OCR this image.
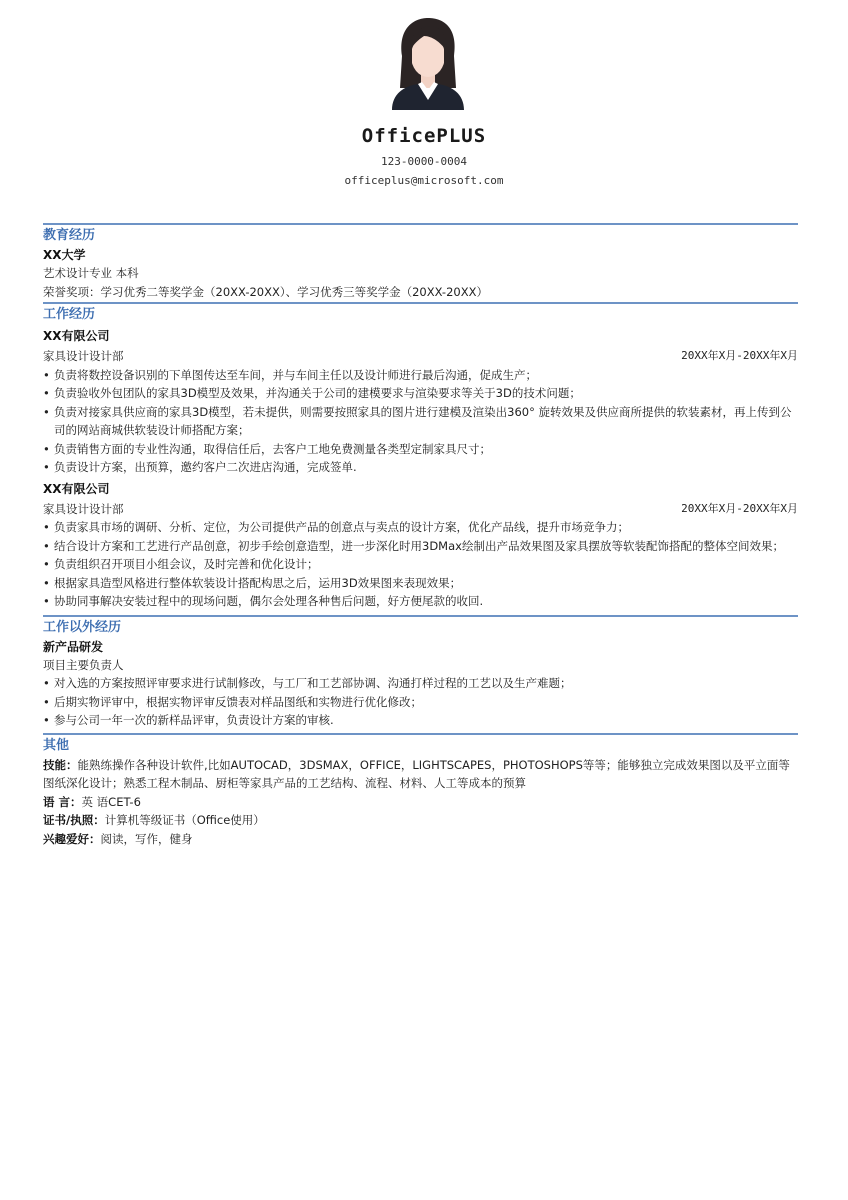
OfficePLUS
123-0000-0004
officeplus@microsoft.com
教育经历
XX大学
艺术设计专业 本科
荣誉奖项：学习优秀二等奖学金（20XX-20XX）、学习优秀三等奖学金（20XX-20XX）
工作经历
XX有限公司
家具设计设计部	20XX年X月-20XX年X月
• 负责将数控设备识别的下单图传达至车间，并与车间主任以及设计师进行最后沟通，促成生产；
• 负责验收外包团队的家具3D模型及效果，并沟通关于公司的建模要求与渲染要求等关于3D的技术问题；
• 负责对接家具供应商的家具3D模型，若未提供，则需要按照家具的图片进行建模及渲染出360° 旋转效果及供应商所提供的软装素材，再上传到公司的网站商城供软装设计师搭配方案；
• 负责销售方面的专业性沟通，取得信任后，去客户工地免费测量各类型定制家具尺寸；
• 负责设计方案，出预算，邀约客户二次进店沟通，完成签单.
XX有限公司
家具设计设计部	20XX年X月-20XX年X月
• 负责家具市场的调研、分析、定位，为公司提供产品的创意点与卖点的设计方案，优化产品线，提升市场竞争力；
• 结合设计方案和工艺进行产品创意，初步手绘创意造型，进一步深化时用3DMax绘制出产品效果图及家具摆放等软装配饰搭配的整体空间效果；
• 负责组织召开项目小组会议，及时完善和优化设计；
• 根据家具造型风格进行整体软装设计搭配构思之后，运用3D效果图来表现效果；
• 协助同事解决安装过程中的现场问题，偶尔会处理各种售后问题，好方便尾款的收回.
工作以外经历
新产品研发
项目主要负责人
• 对入选的方案按照评审要求进行试制修改，与工厂和工艺部协调、沟通打样过程的工艺以及生产难题；
• 后期实物评审中，根据实物评审反馈表对样品图纸和实物进行优化修改；
• 参与公司一年一次的新样品评审，负责设计方案的审核.
其他
技能：能熟练操作各种设计软件,比如AUTOCAD，3DSMAX，OFFICE，LIGHTSCAPES，PHOTOSHOPS等等；能够独立完成效果图以及平立面等图纸深化设计；熟悉工程木制品、厨柜等家具产品的工艺结构、流程、材料、人工等成本的预算
语 言：英 语CET-6
证书/执照：计算机等级证书（Office使用）
兴趣爱好：阅读，写作，健身
